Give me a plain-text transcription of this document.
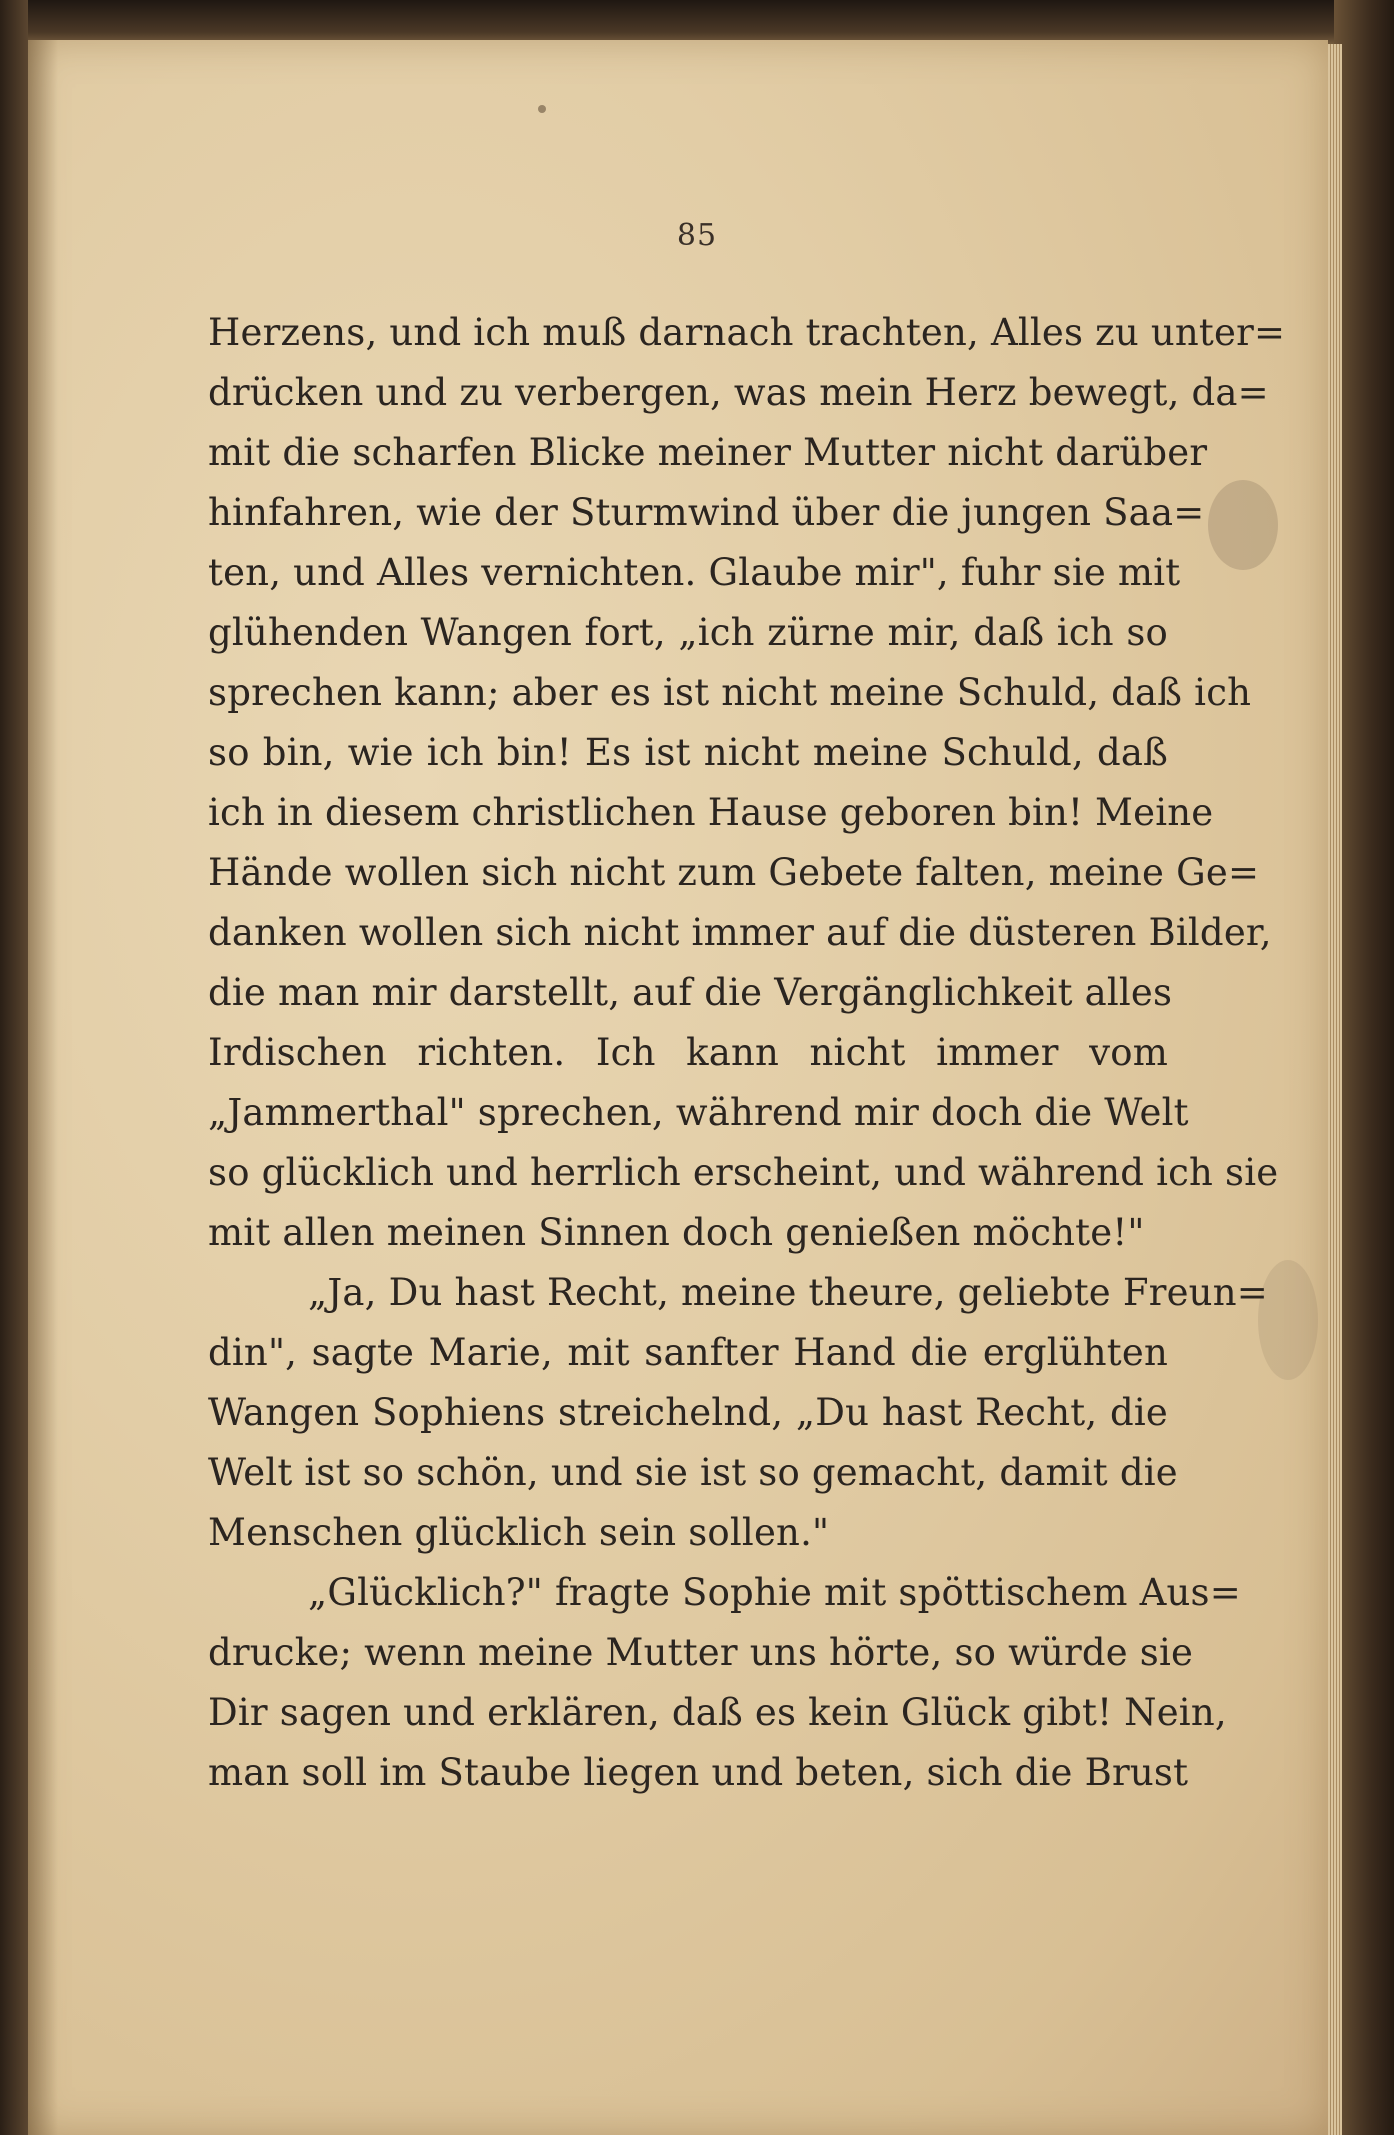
85
Herzens, und ich muß darnach trachten, Alles zu unter=
drücken und zu verbergen, was mein Herz bewegt, da=
mit die scharfen Blicke meiner Mutter nicht darüber
hinfahren, wie der Sturmwind über die jungen Saa=
ten, und Alles vernichten. Glaube mir", fuhr sie mit
glühenden Wangen fort, „ich zürne mir, daß ich so
sprechen kann; aber es ist nicht meine Schuld, daß ich
so bin, wie ich bin! Es ist nicht meine Schuld, daß
ich in diesem christlichen Hause geboren bin! Meine
Hände wollen sich nicht zum Gebete falten, meine Ge=
danken wollen sich nicht immer auf die düsteren Bilder,
die man mir darstellt, auf die Vergänglichkeit alles
Irdischen richten. Ich kann nicht immer vom
„Jammerthal" sprechen, während mir doch die Welt
so glücklich und herrlich erscheint, und während ich sie
mit allen meinen Sinnen doch genießen möchte!"
„Ja, Du hast Recht, meine theure, geliebte Freun=
din", sagte Marie, mit sanfter Hand die erglühten
Wangen Sophiens streichelnd, „Du hast Recht, die
Welt ist so schön, und sie ist so gemacht, damit die
Menschen glücklich sein sollen."
„Glücklich?" fragte Sophie mit spöttischem Aus=
drucke; wenn meine Mutter uns hörte, so würde sie
Dir sagen und erklären, daß es kein Glück gibt! Nein,
man soll im Staube liegen und beten, sich die Brust
